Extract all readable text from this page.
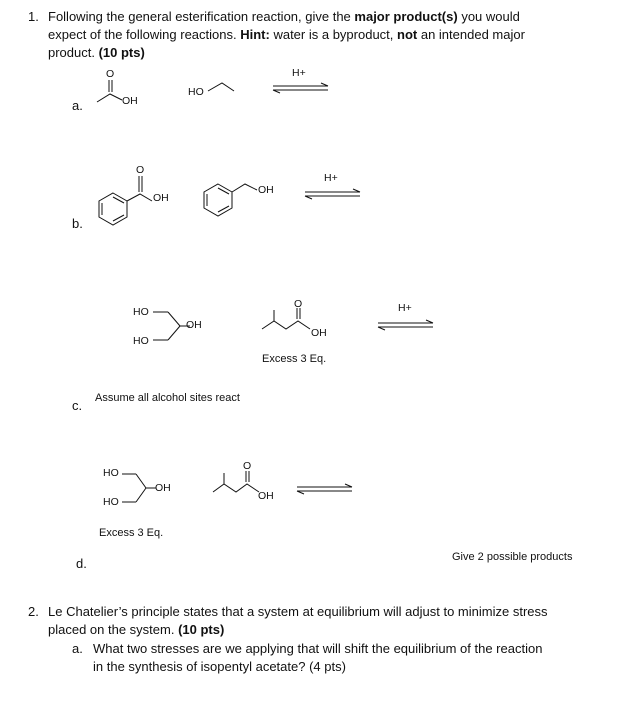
1. Following the general esterification reaction, give the major product(s) you would
expect of the following reactions. Hint: water is a byproduct, not an intended major
product. (10 pts)
a.
O
OH
HO
H+
b.
O
OH
OH
H+
HO
HO
OH
O
OH
Excess 3 Eq.
H+
Assume all alcohol sites react
c.
HO
HO
OH
O
OH
Excess 3 Eq.
Give 2 possible products
d.
2. Le Chatelier’s principle states that a system at equilibrium will adjust to minimize stress
placed on the system. (10 pts)
a. What two stresses are we applying that will shift the equilibrium of the reaction
in the synthesis of isopentyl acetate? (4 pts)
